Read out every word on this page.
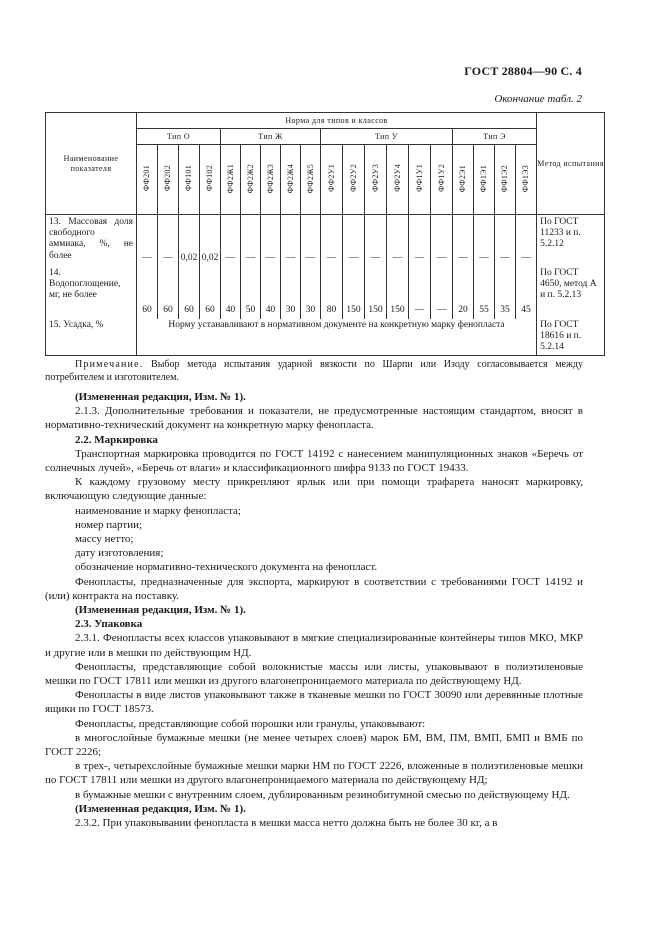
ГОСТ 28804—90 С. 4
Окончание табл. 2
Наименование показателя	Норма для типов и классов																			Метод испытания
	Тип О				Тип Ж					Тип У						Тип Э				
	ФФ201	ФФ202	ФФ101	ФФ102	ФФ2Ж1	ФФ2Ж2	ФФ2Ж3	ФФ2Ж4	ФФ2Ж5	ФФ2У1	ФФ2У2	ФФ2У3	ФФ2У4	ФФ1У1	ФФ1У2	ФФ2Э1	ФФ1Э1	ФФ1Э2	ФФ1Э3	
13. Массовая доля свободного аммиака, %, не более	—	—	0,02	0,02	—	—	—	—	—	—	—	—	—	—	—	—	—	—	—	По ГОСТ 11233 и п. 5.2.12
14. Водопоглощение, мг, не более	60	60	60	60	40	50	40	30	30	80	150	150	150	—	—	20	55	35	45	По ГОСТ 4650, метод А и п. 5.2.13
15. Усадка, %	Норму устанавливают в нормативном документе на конкретную марку фенопласта																			По ГОСТ 18616 и п. 5.2.14

Примечание. Выбор метода испытания ударной вязкости по Шарпи или Изоду согласовывается между потребителем и изготовителем.

(Измененная редакция, Изм. № 1).

2.1.3. Дополнительные требования и показатели, не предусмотренные настоящим стандартом, вносят в нормативно-технический документ на конкретную марку фенопласта.

2.2. Маркировка

Транспортная маркировка проводится по ГОСТ 14192 с нанесением манипуляционных знаков «Беречь от солнечных лучей», «Беречь от влаги» и классификационного шифра 9133 по ГОСТ 19433.

К каждому грузовому месту прикрепляют ярлык или при помощи трафарета наносят маркировку, включающую следующие данные:

наименование и марку фенопласта;

номер партии;

массу нетто;

дату изготовления;

обозначение нормативно-технического документа на фенопласт.

Фенопласты, предназначенные для экспорта, маркируют в соответствии с требованиями ГОСТ 14192 и (или) контракта на поставку.

(Измененная редакция, Изм. № 1).

2.3. Упаковка

2.3.1. Фенопласты всех классов упаковывают в мягкие специализированные контейнеры типов МКО, МКР и другие или в мешки по действующим НД.

Фенопласты, представляющие собой волокнистые массы или листы, упаковывают в полиэтиленовые мешки по ГОСТ 17811 или мешки из другого влагонепроницаемого материала по действующему НД.

Фенопласты в виде листов упаковывают также в тканевые мешки по ГОСТ 30090 или деревянные плотные ящики по ГОСТ 18573.

Фенопласты, представляющие собой порошки или гранулы, упаковывают:

в многослойные бумажные мешки (не менее четырех слоев) марок БМ, ВМ, ПМ, ВМП, БМП и ВМБ по ГОСТ 2226;

в трех-, четырехслойные бумажные мешки марки НМ по ГОСТ 2226, вложенные в полиэтиленовые мешки по ГОСТ 17811 или мешки из другого влагонепроницаемого материала по действующему НД;

в бумажные мешки с внутренним слоем, дублированным резинобитумной смесью по действующему НД.

(Измененная редакция, Изм. № 1).

2.3.2. При упаковывании фенопласта в мешки масса нетто должна быть не более 30 кг, а в
